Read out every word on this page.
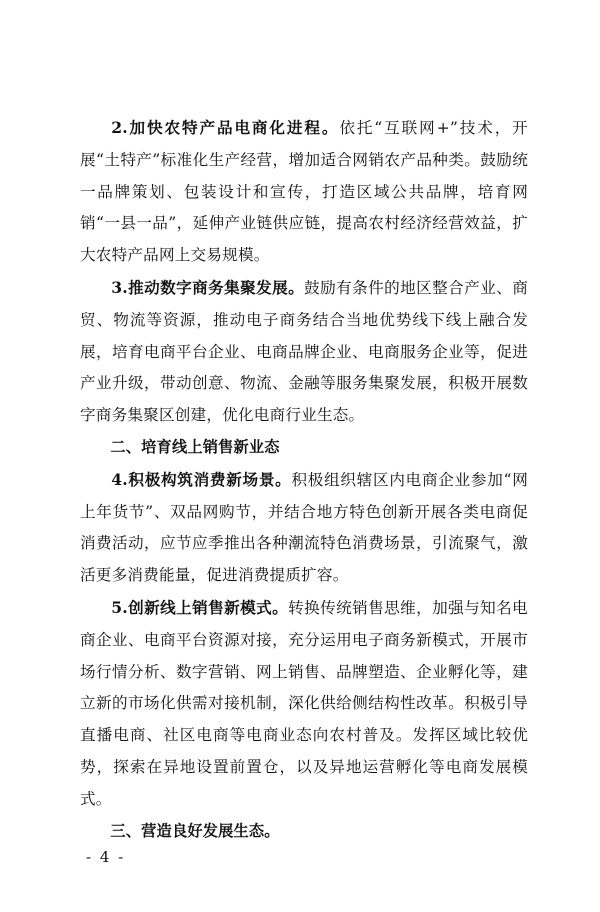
2.加快农特产品电商化进程。依托“互联网+”技术，开展“土特产”标准化生产经营，增加适合网销农产品种类。鼓励统一品牌策划、包装设计和宣传，打造区域公共品牌，培育网销“一县一品”，延伸产业链供应链，提高农村经济经营效益，扩大农特产品网上交易规模。

3.推动数字商务集聚发展。鼓励有条件的地区整合产业、商贸、物流等资源，推动电子商务结合当地优势线下线上融合发展，培育电商平台企业、电商品牌企业、电商服务企业等，促进产业升级，带动创意、物流、金融等服务集聚发展，积极开展数字商务集聚区创建，优化电商行业生态。

二、培育线上销售新业态

4.积极构筑消费新场景。积极组织辖区内电商企业参加“网上年货节”、双品网购节，并结合地方特色创新开展各类电商促消费活动，应节应季推出各种潮流特色消费场景，引流聚气，激活更多消费能量，促进消费提质扩容。

5.创新线上销售新模式。转换传统销售思维，加强与知名电商企业、电商平台资源对接，充分运用电子商务新模式，开展市场行情分析、数字营销、网上销售、品牌塑造、企业孵化等，建立新的市场化供需对接机制，深化供给侧结构性改革。积极引导直播电商、社区电商等电商业态向农村普及。发挥区域比较优势，探索在异地设置前置仓，以及异地运营孵化等电商发展模式。

三、营造良好发展生态。

- 4 -
